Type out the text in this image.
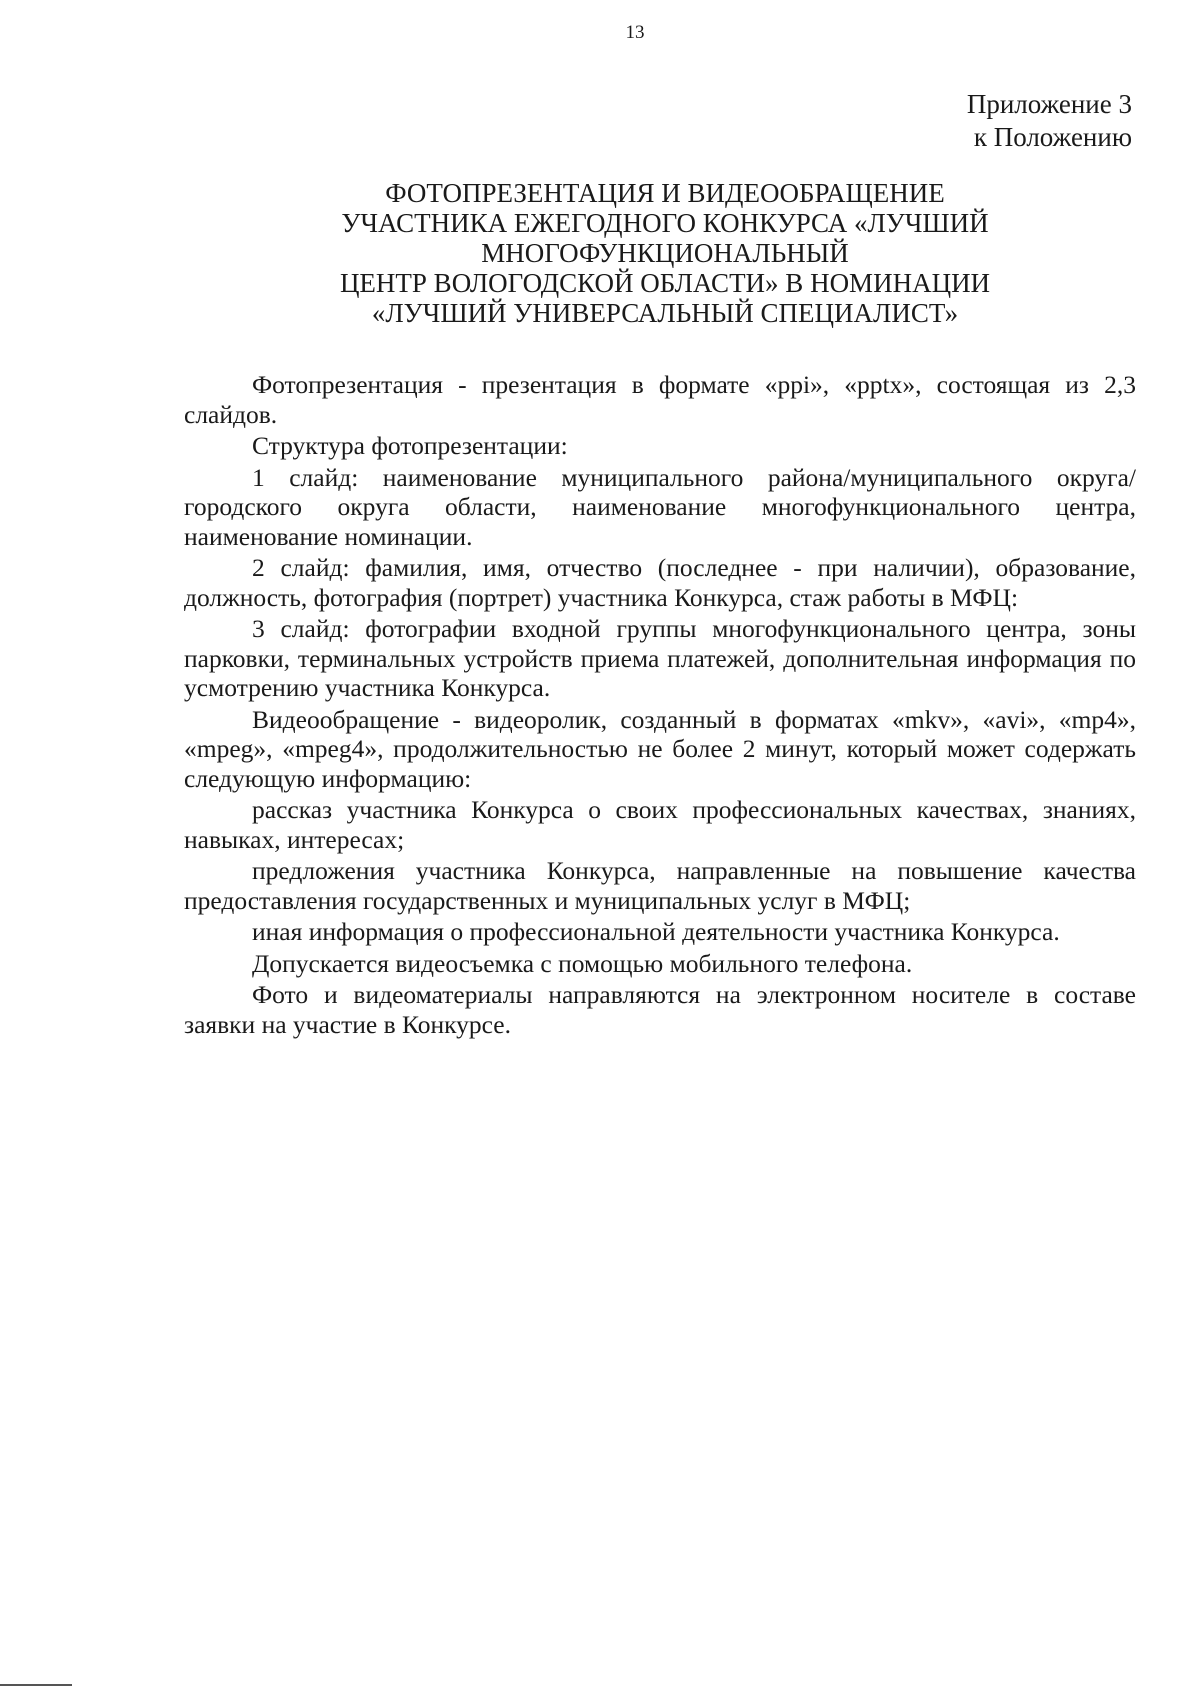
13
Приложение 3
к Положению
ФОТОПРЕЗЕНТАЦИЯ И ВИДЕООБРАЩЕНИЕ
УЧАСТНИКА ЕЖЕГОДНОГО КОНКУРСА «ЛУЧШИЙ
МНОГОФУНКЦИОНАЛЬНЫЙ
ЦЕНТР ВОЛОГОДСКОЙ ОБЛАСТИ» В НОМИНАЦИИ
«ЛУЧШИЙ УНИВЕРСАЛЬНЫЙ СПЕЦИАЛИСТ»

Фотопрезентация - презентация в формате «ppi», «pptx», состоящая из 2,3 слайдов.

Структура фотопрезентации:

1 слайд: наименование муниципального района/муниципального округа/городского округа области, наименование многофункционального центра, наименование номинации.

2 слайд: фамилия, имя, отчество (последнее - при наличии), образование, должность, фотография (портрет) участника Конкурса, стаж работы в МФЦ:

3 слайд: фотографии входной группы многофункционального центра, зоны парковки, терминальных устройств приема платежей, дополнительная информация по усмотрению участника Конкурса.

Видеообращение - видеоролик, созданный в форматах «mkv», «avi», «mp4», «mpeg», «mpeg4», продолжительностью не более 2 минут, который может содержать следующую информацию:

рассказ участника Конкурса о своих профессиональных качествах, знаниях, навыках, интересах;

предложения участника Конкурса, направленные на повышение качества предоставления государственных и муниципальных услуг в МФЦ;

иная информация о профессиональной деятельности участника Конкурса.

Допускается видеосъемка с помощью мобильного телефона.

Фото и видеоматериалы направляются на электронном носителе в составе заявки на участие в Конкурсе.
